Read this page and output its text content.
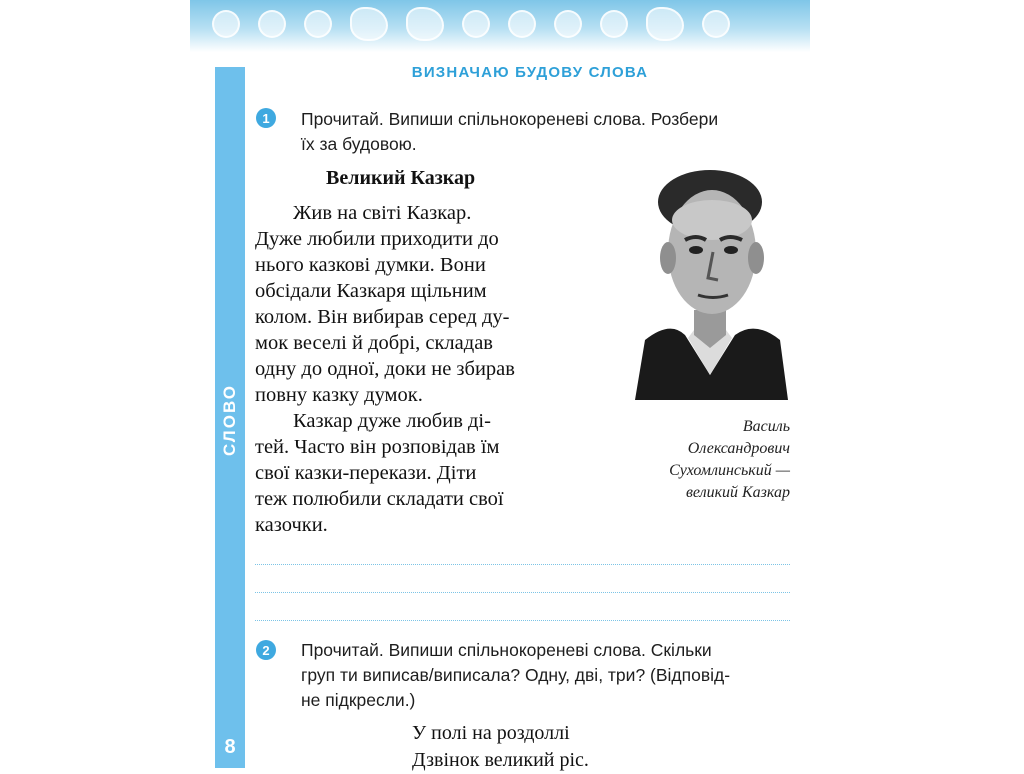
СЛОВО
8
ВИЗНАЧАЮ БУДОВУ СЛОВА
1	Прочитай. Випиши спільнокореневі слова. Розбери
їх за будовою.
Великий Казкар
Жив на світі Казкар.
Дуже любили приходити до
нього казкові думки. Вони
обсідали Казкаря щільним
колом. Він вибирав серед ду-
мок веселі й добрі, складав
одну до одної, доки не збирав
повну казку думок.
Казкар дуже любив ді-
тей. Часто він розповідав їм
свої казки-перекази. Діти
теж полюбили складати свої
казочки.
Василь
Олександрович
Сухомлинський —
великий Казкар
2	Прочитай. Випиши спільнокореневі слова. Скільки
груп ти виписав/виписала? Одну, дві, три? (Відповід-
не підкресли.)
У полі на роздоллі
Дзвінок великий ріс.
